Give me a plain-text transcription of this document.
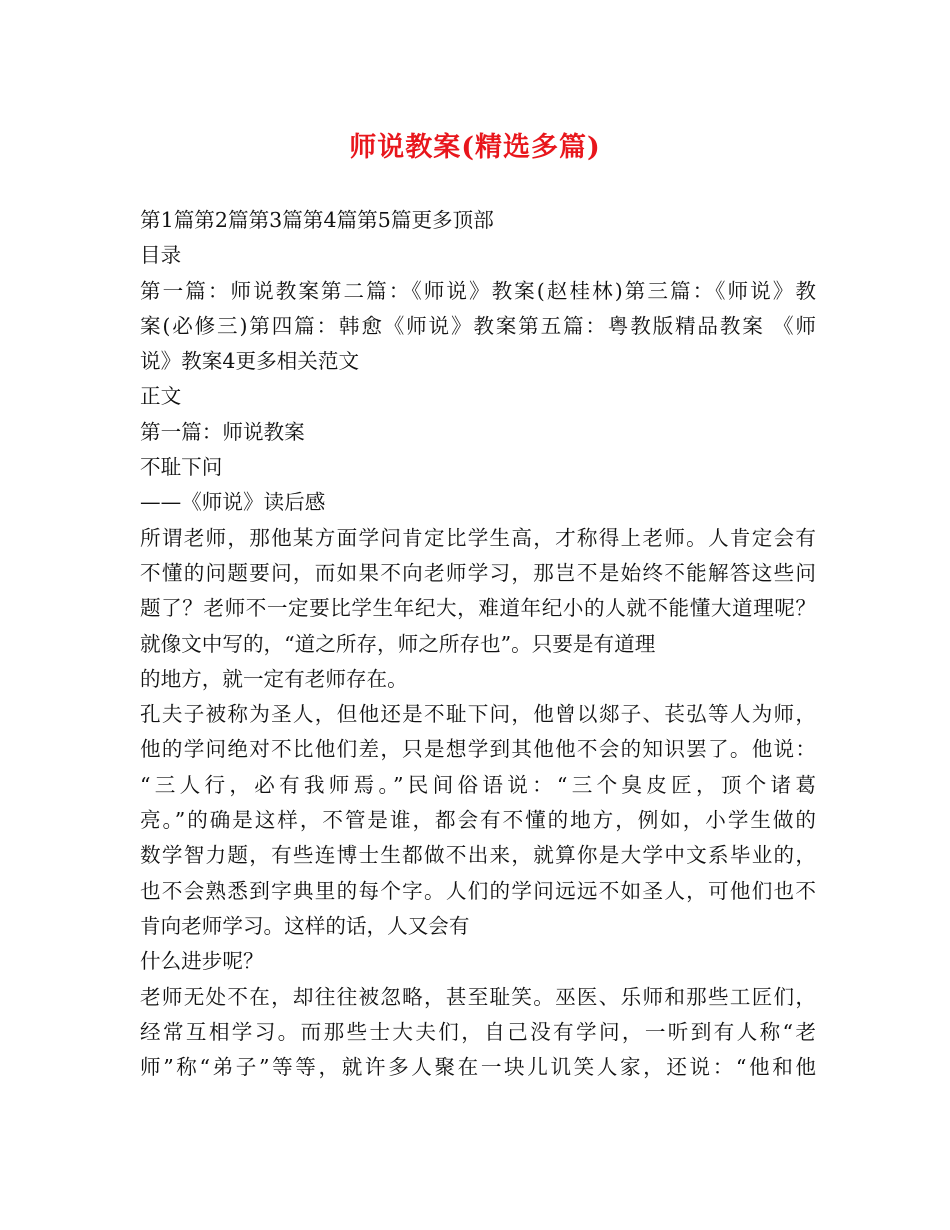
师说教案(精选多篇)
第1篇第2篇第3篇第4篇第5篇更多顶部
目录
第一篇：师说教案第二篇：《师说》教案(赵桂林)第三篇：《师说》教
案(必修三)第四篇：韩愈《师说》教案第五篇：粤教版精品教案 《师
说》教案4更多相关范文
正文
第一篇：师说教案
不耻下问
——《师说》读后感
所谓老师，那他某方面学问肯定比学生高，才称得上老师。人肯定会有
不懂的问题要问，而如果不向老师学习，那岂不是始终不能解答这些问
题了？老师不一定要比学生年纪大，难道年纪小的人就不能懂大道理呢？
就像文中写的，“道之所存，师之所存也”。只要是有道理
的地方，就一定有老师存在。
孔夫子被称为圣人，但他还是不耻下问，他曾以郯子、苌弘等人为师，
他的学问绝对不比他们差，只是想学到其他他不会的知识罢了。他说：
“三人行，必有我师焉。”民间俗语说：“三个臭皮匠，顶个诸葛
亮。”的确是这样，不管是谁，都会有不懂的地方，例如，小学生做的
数学智力题，有些连博士生都做不出来，就算你是大学中文系毕业的，
也不会熟悉到字典里的每个字。人们的学问远远不如圣人，可他们也不
肯向老师学习。这样的话，人又会有
什么进步呢？
老师无处不在，却往往被忽略，甚至耻笑。巫医、乐师和那些工匠们，
经常互相学习。而那些士大夫们，自己没有学问，一听到有人称“老
师”称“弟子”等等，就许多人聚在一块儿讥笑人家，还说：“他和他
